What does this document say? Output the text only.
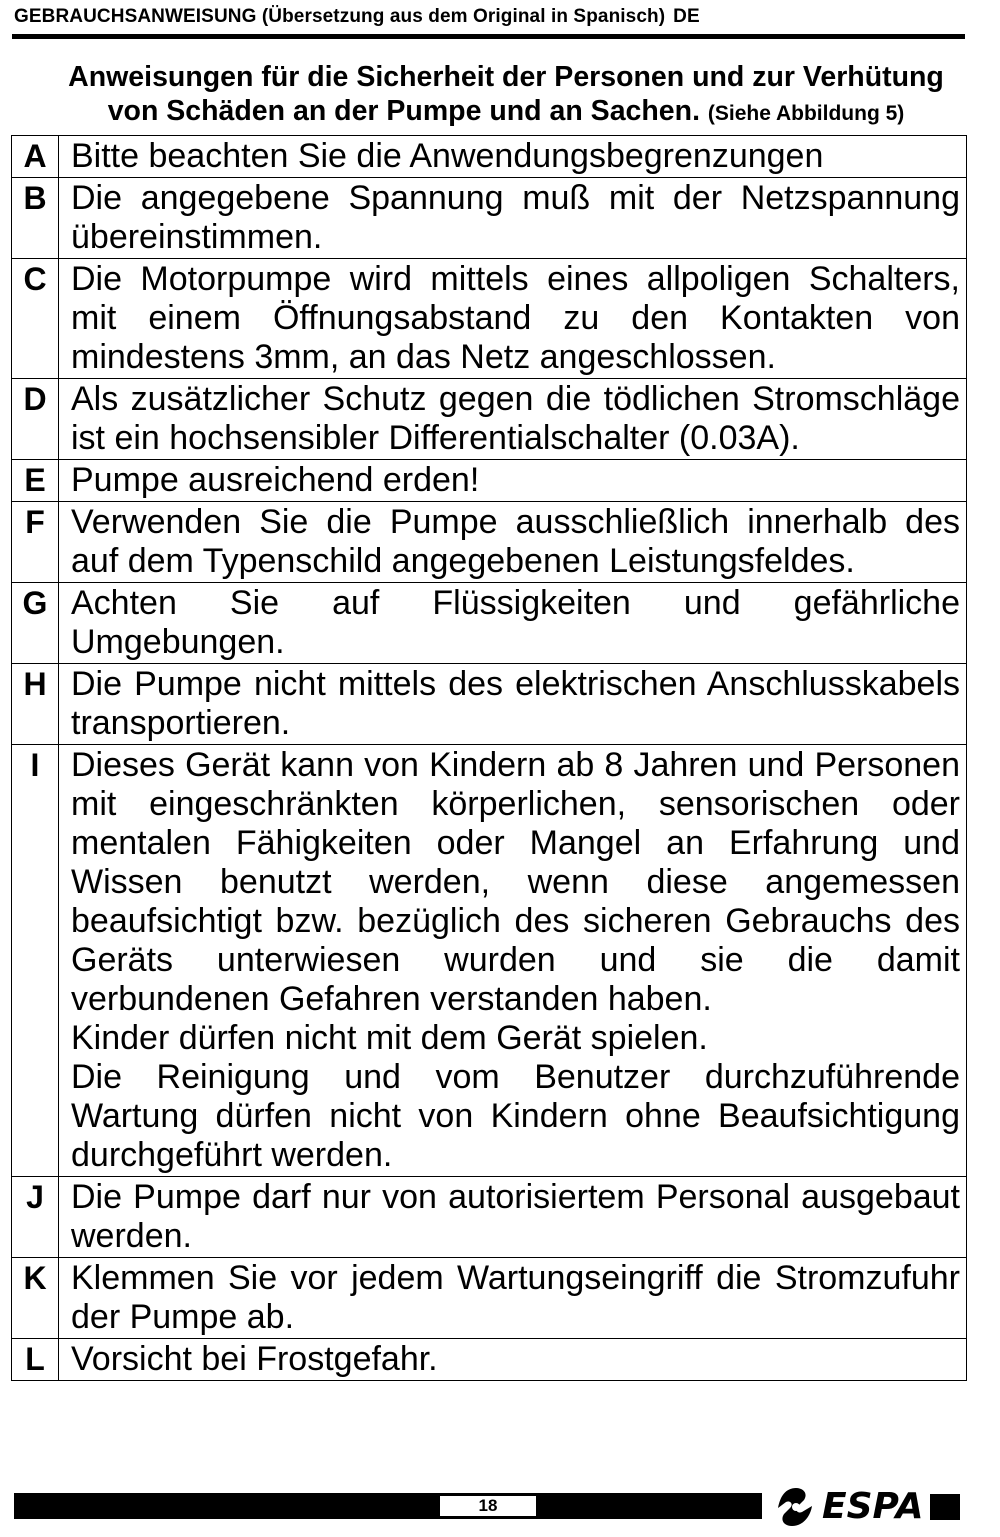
GEBRAUCHSANWEISUNG (Übersetzung aus dem Original in Spanisch) DE
Anweisungen für die Sicherheit der Personen und zur Verhütung
von Schäden an der Pumpe und an Sachen. (Siehe Abbildung 5)
A	Bitte beachten Sie die Anwendungsbegrenzungen

B	Die angegebene Spannung muß mit der Netzspannung übereinstimmen.

C	Die Motorpumpe wird mittels eines allpoligen Schalters, mit einem Öffnungsabstand zu den Kontakten von mindestens 3mm, an das Netz angeschlossen.

D	Als zusätzlicher Schutz gegen die tödlichen Stromschläge ist ein hochsensibler Differentialschalter (0.03A).

E	Pumpe ausreichend erden!

F	Verwenden Sie die Pumpe ausschließlich innerhalb des auf dem Typenschild angegebenen Leistungsfeldes.

G	Achten Sie auf Flüssigkeiten und gefährliche Umgebungen.

H	Die Pumpe nicht mittels des elektrischen Anschlusskabels transportieren.

I	Dieses Gerät kann von Kindern ab 8 Jahren und Personen mit eingeschränkten körperlichen, sensorischen oder mentalen Fähigkeiten oder Mangel an Erfahrung und Wissen benutzt werden, wenn diese angemessen beaufsichtigt bzw. bezüglich des sicheren Gebrauchs des Geräts unterwiesen wurden und sie die damit verbundenen Gefahren verstanden haben.
Kinder dürfen nicht mit dem Gerät spielen.
Die Reinigung und vom Benutzer durchzuführende Wartung dürfen nicht von Kindern ohne Beaufsichtigung durchgeführt werden.

J	Die Pumpe darf nur von autorisiertem Personal ausgebaut werden.

K	Klemmen Sie vor jedem Wartungseingriff die Stromzufuhr der Pumpe ab.

L	Vorsicht bei Frostgefahr.
18	ESPA
